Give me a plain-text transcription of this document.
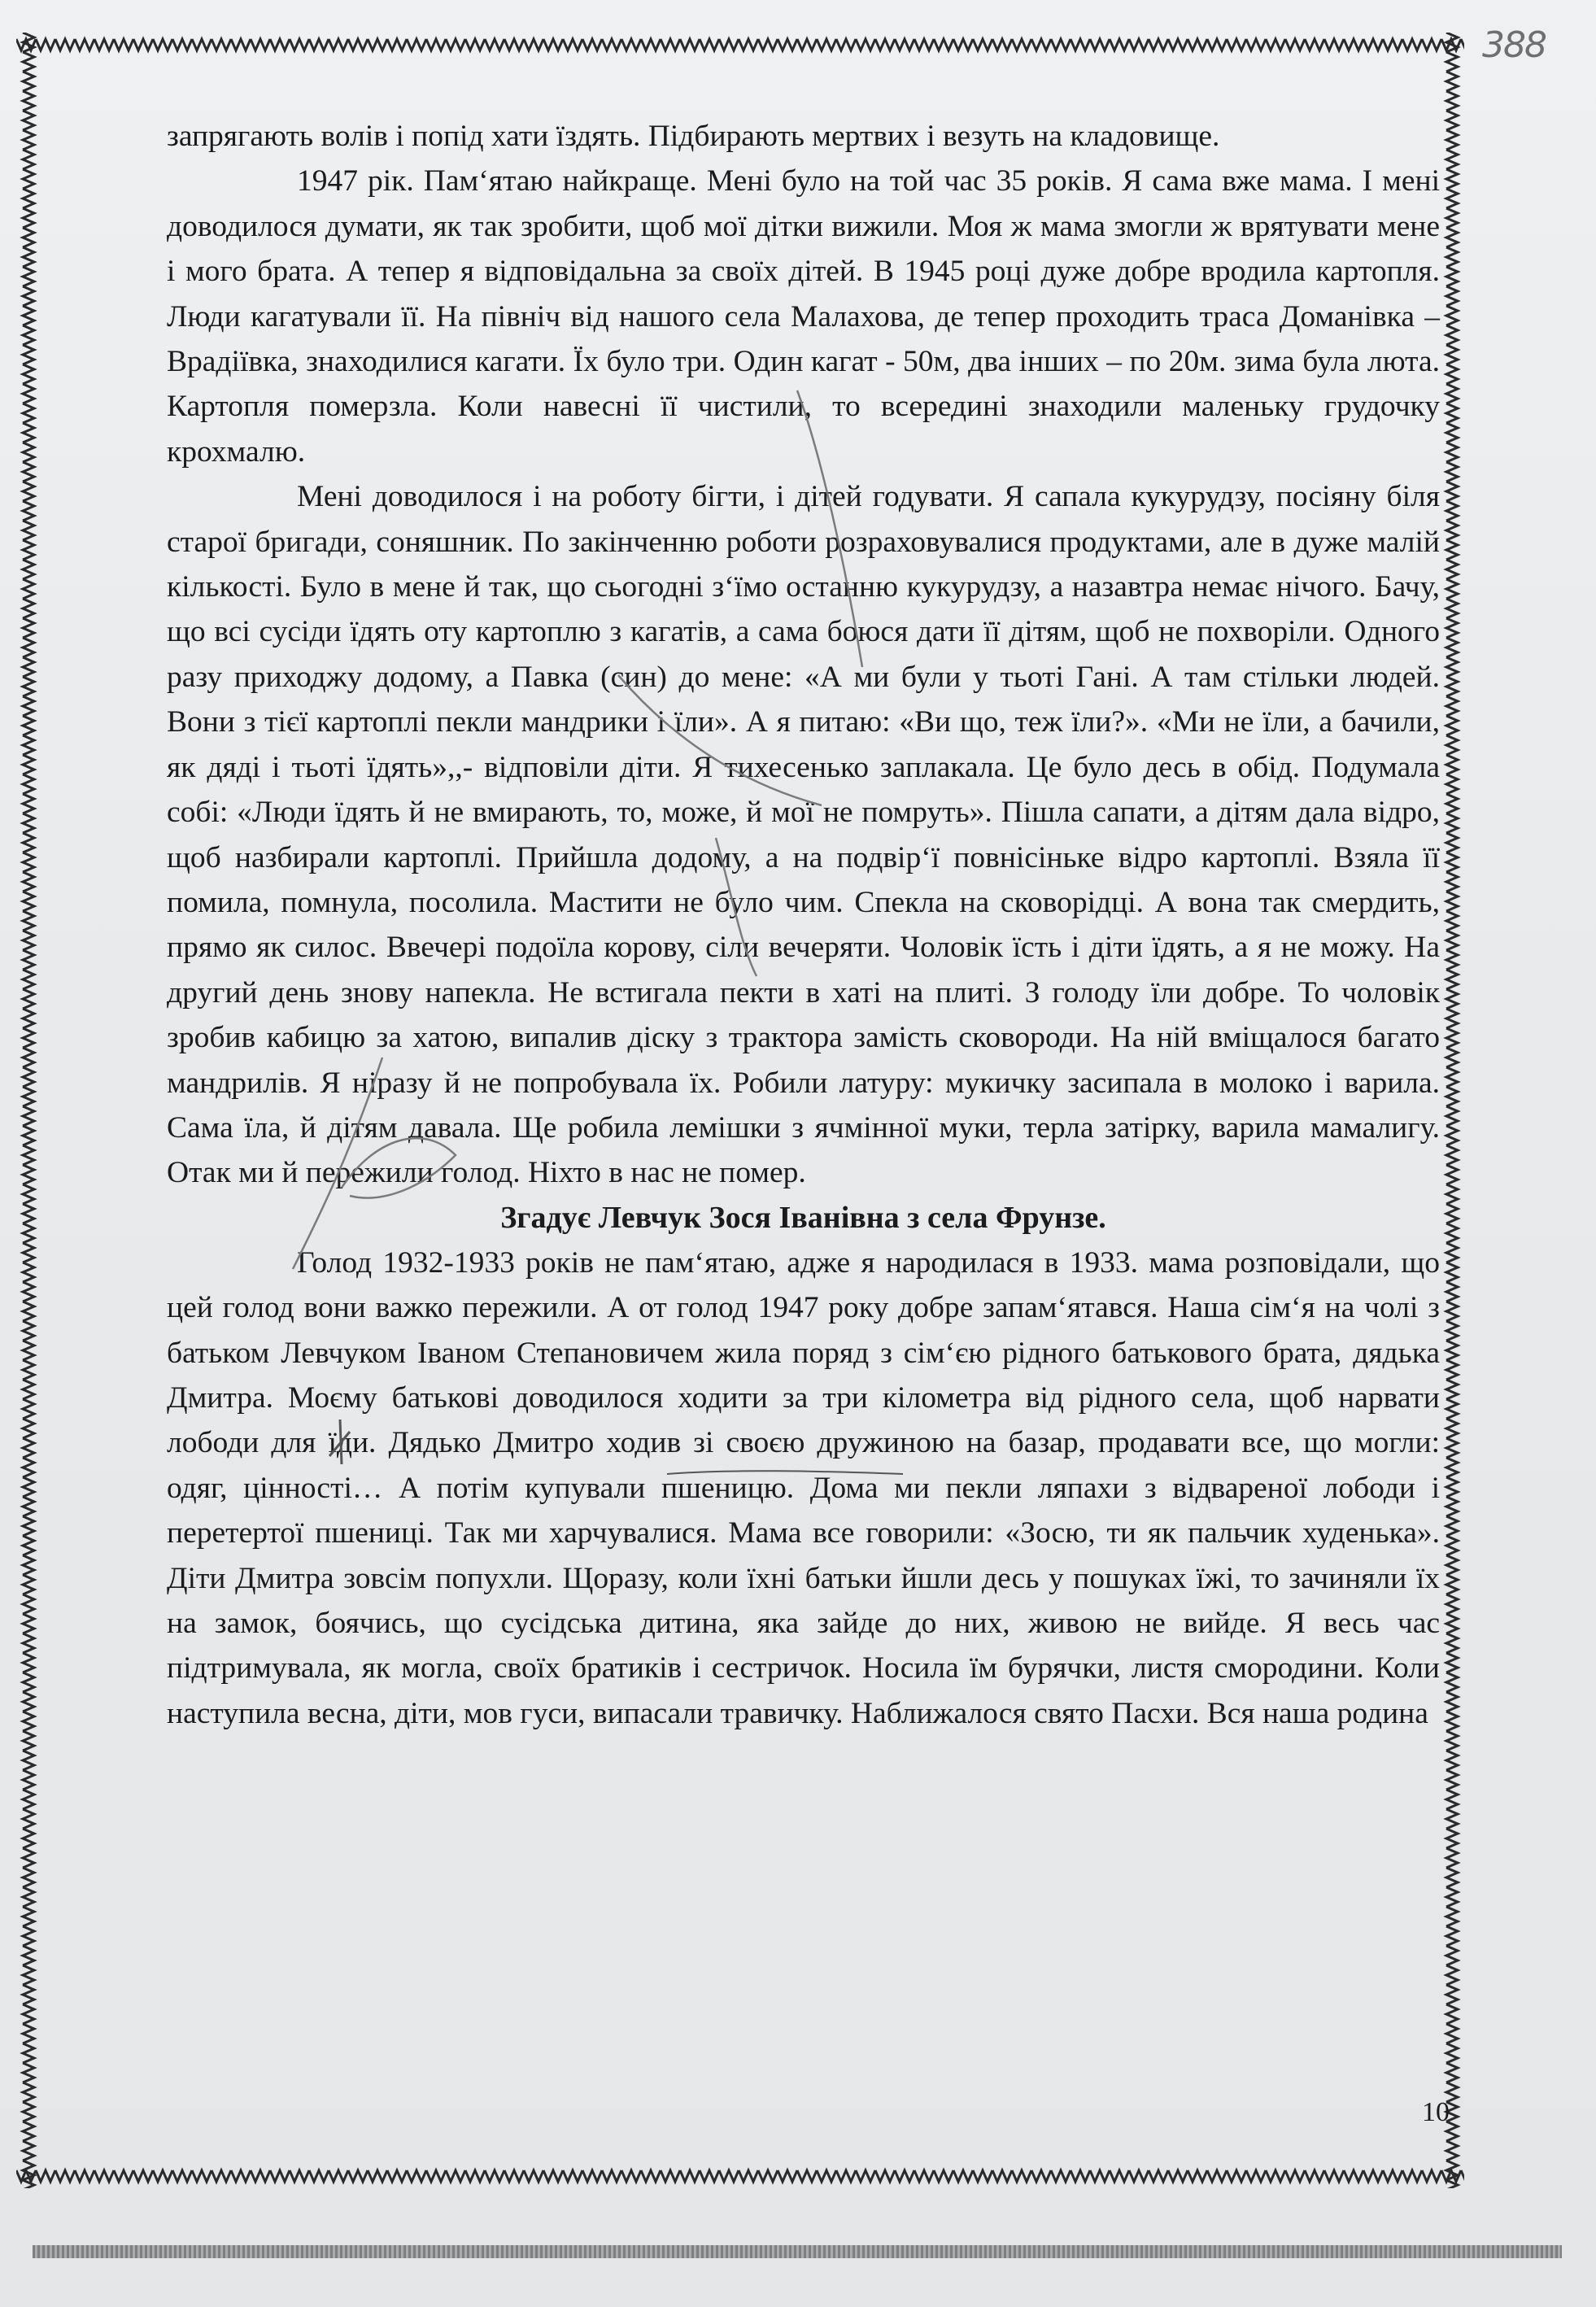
388

запрягають волів і попід хати їздять. Підбирають мертвих і везуть на кладовище.

1947 рік. Пам‘ятаю найкраще. Мені було на той час 35 років. Я сама вже мама. І мені доводилося думати, як так зробити, щоб мої дітки вижили. Моя ж мама змогли ж врятувати мене і мого брата. А тепер я відповідальна за своїх дітей. В 1945 році дуже добре вродила картопля. Люди кагатували її. На північ від нашого села Малахова, де тепер проходить траса Доманівка – Врадіївка, знаходилися кагати. Їх було три. Один кагат - 50м, два інших – по 20м. зима була люта. Картопля померзла. Коли навесні її чистили, то всередині знаходили маленьку грудочку крохмалю.

Мені доводилося і на роботу бігти, і дітей годувати. Я сапала кукурудзу, посіяну біля старої бригади, соняшник. По закінченню роботи розраховувалися продуктами, але в дуже малій кількості. Було в мене й так, що сьогодні з‘їмо останню кукурудзу, а назавтра немає нічого. Бачу, що всі сусіди їдять оту картоплю з кагатів, а сама боюся дати її дітям, щоб не похворіли. Одного разу приходжу додому, а Павка (син) до мене: «А ми були у тьоті Гані. А там стільки людей. Вони з тієї картоплі пекли мандрики і їли». А я питаю: «Ви що, теж їли?». «Ми не їли, а бачили, як дяді і тьоті їдять»,,- відповіли діти. Я тихесенько заплакала. Це було десь в обід. Подумала собі: «Люди їдять й не вмирають, то, може, й мої не помруть». Пішла сапати, а дітям дала відро, щоб назбирали картоплі. Прийшла додому, а на подвір‘ї повнісіньке відро картоплі. Взяла її помила, помнула, посолила. Мастити не було чим. Спекла на сковорідці. А вона так смердить, прямо як силос. Ввечері подоїла корову, сіли вечеряти. Чоловік їсть і діти їдять, а я не можу. На другий день знову напекла. Не встигала пекти в хаті на плиті. З голоду їли добре. То чоловік зробив кабицю за хатою, випалив діску з трактора замість сковороди. На ній вміщалося багато мандрилів. Я ніразу й не попробувала їх. Робили латуру: мукичку засипала в молоко і варила. Сама їла, й дітям давала. Ще робила лемішки з ячмінної муки, терла затірку, варила мамалигу. Отак ми й пережили голод. Ніхто в нас не помер.

Згадує Левчук Зося Іванівна з села Фрунзе.

Голод 1932-1933 років не пам‘ятаю, адже я народилася в 1933. мама розповідали, що цей голод вони важко пережили. А от голод 1947 року добре запам‘ятався. Наша сім‘я на чолі з батьком Левчуком Іваном Степановичем жила поряд з сім‘єю рідного батькового брата, дядька Дмитра. Моєму батькові доводилося ходити за три кілометра від рідного села, щоб нарвати лободи для їди. Дядько Дмитро ходив зі своєю дружиною на базар, продавати все, що могли: одяг, цінності… А потім купували пшеницю. Дома ми пекли ляпахи з відвареної лободи і перетертої пшениці. Так ми харчувалися. Мама все говорили: «Зосю, ти як пальчик худенька». Діти Дмитра зовсім попухли. Щоразу, коли їхні батьки йшли десь у пошуках їжі, то зачиняли їх на замок, боячись, що сусідська дитина, яка зайде до них, живою не вийде. Я весь час підтримувала, як могла, своїх братиків і сестричок. Носила їм бурячки, листя смородини. Коли наступила весна, діти, мов гуси, випасали травичку. Наближалося свято Пасхи. Вся наша родина

10
